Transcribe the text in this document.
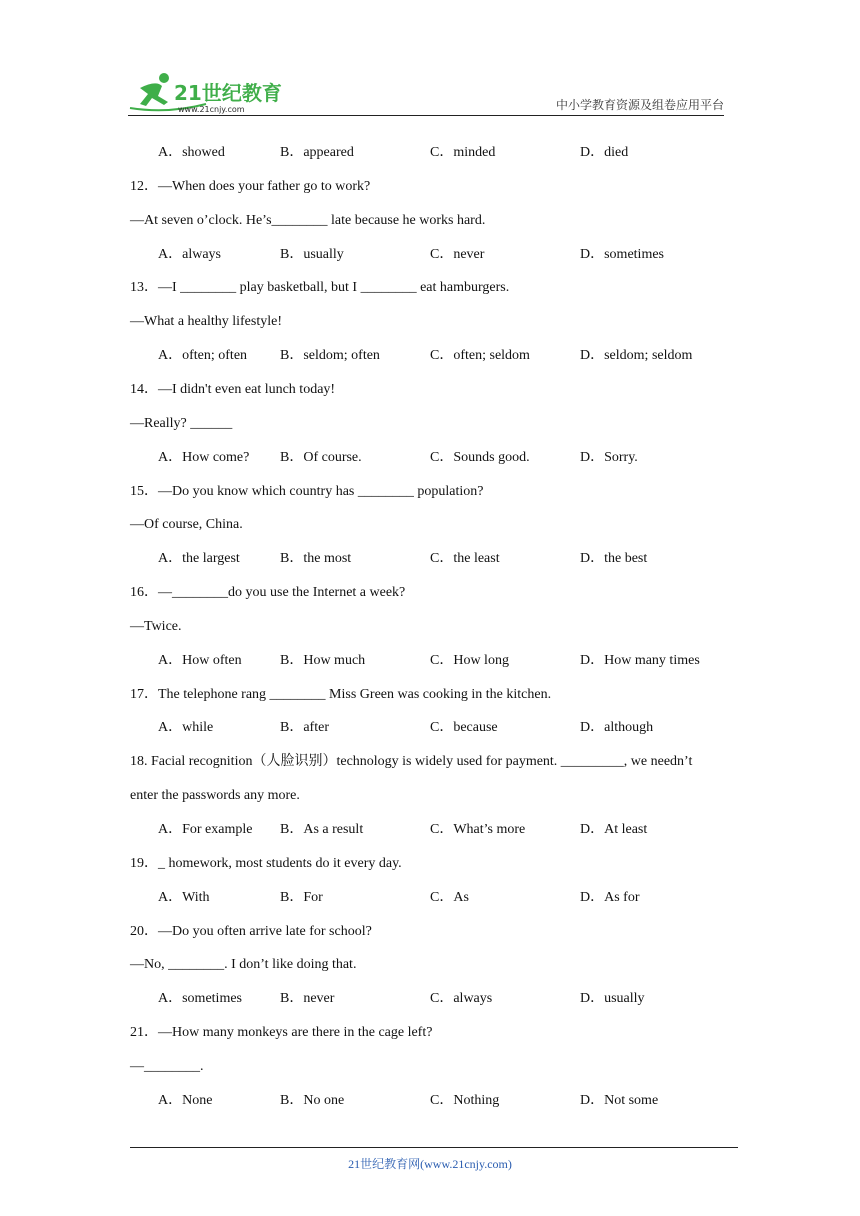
21世纪教育
www.21cnjy.com	中小学教育资源及组卷应用平台
A．showed	B．appeared	C．minded	D．died
12．—When does your father go to work?
—At seven o’clock. He’s________ late because he works hard.
A．always	B．usually	C．never	D．sometimes
13．—I ________ play basketball, but I ________ eat hamburgers.
—What a healthy lifestyle!
A．often; often B．seldom; often	C．often; seldom	D．seldom; seldom
14．—I didn't even eat lunch today!
—Really? ______
A．How come? B．Of course.	C．Sounds good.	D．Sorry.
15．—Do you know which country has ________ population?
—Of course, China.
A．the largest	B．the most	C．the least	D．the best
16．—________do you use the Internet a week?
—Twice.
A．How often	B．How much	C．How long	D．How many times
17．The telephone rang ________ Miss Green was cooking in the kitchen.
A．while	B．after	C．because	D．although
18. Facial recognition（人脸识别）technology is widely used for payment. _________, we needn’t
enter the passwords any more.
A．For example B．As a result	C．What’s more	D．At least
19．_ homework, most students do it every day.
A．With	B．For	C．As	D．As for
20．—Do you often arrive late for school?
—No, ________. I don’t like doing that.
A．sometimes	B．never	C．always	D．usually
21．—How many monkeys are there in the cage left?
—________.
A．None	B．No one	C．Nothing	D．Not some
21世纪教育网(www.21cnjy.com)
